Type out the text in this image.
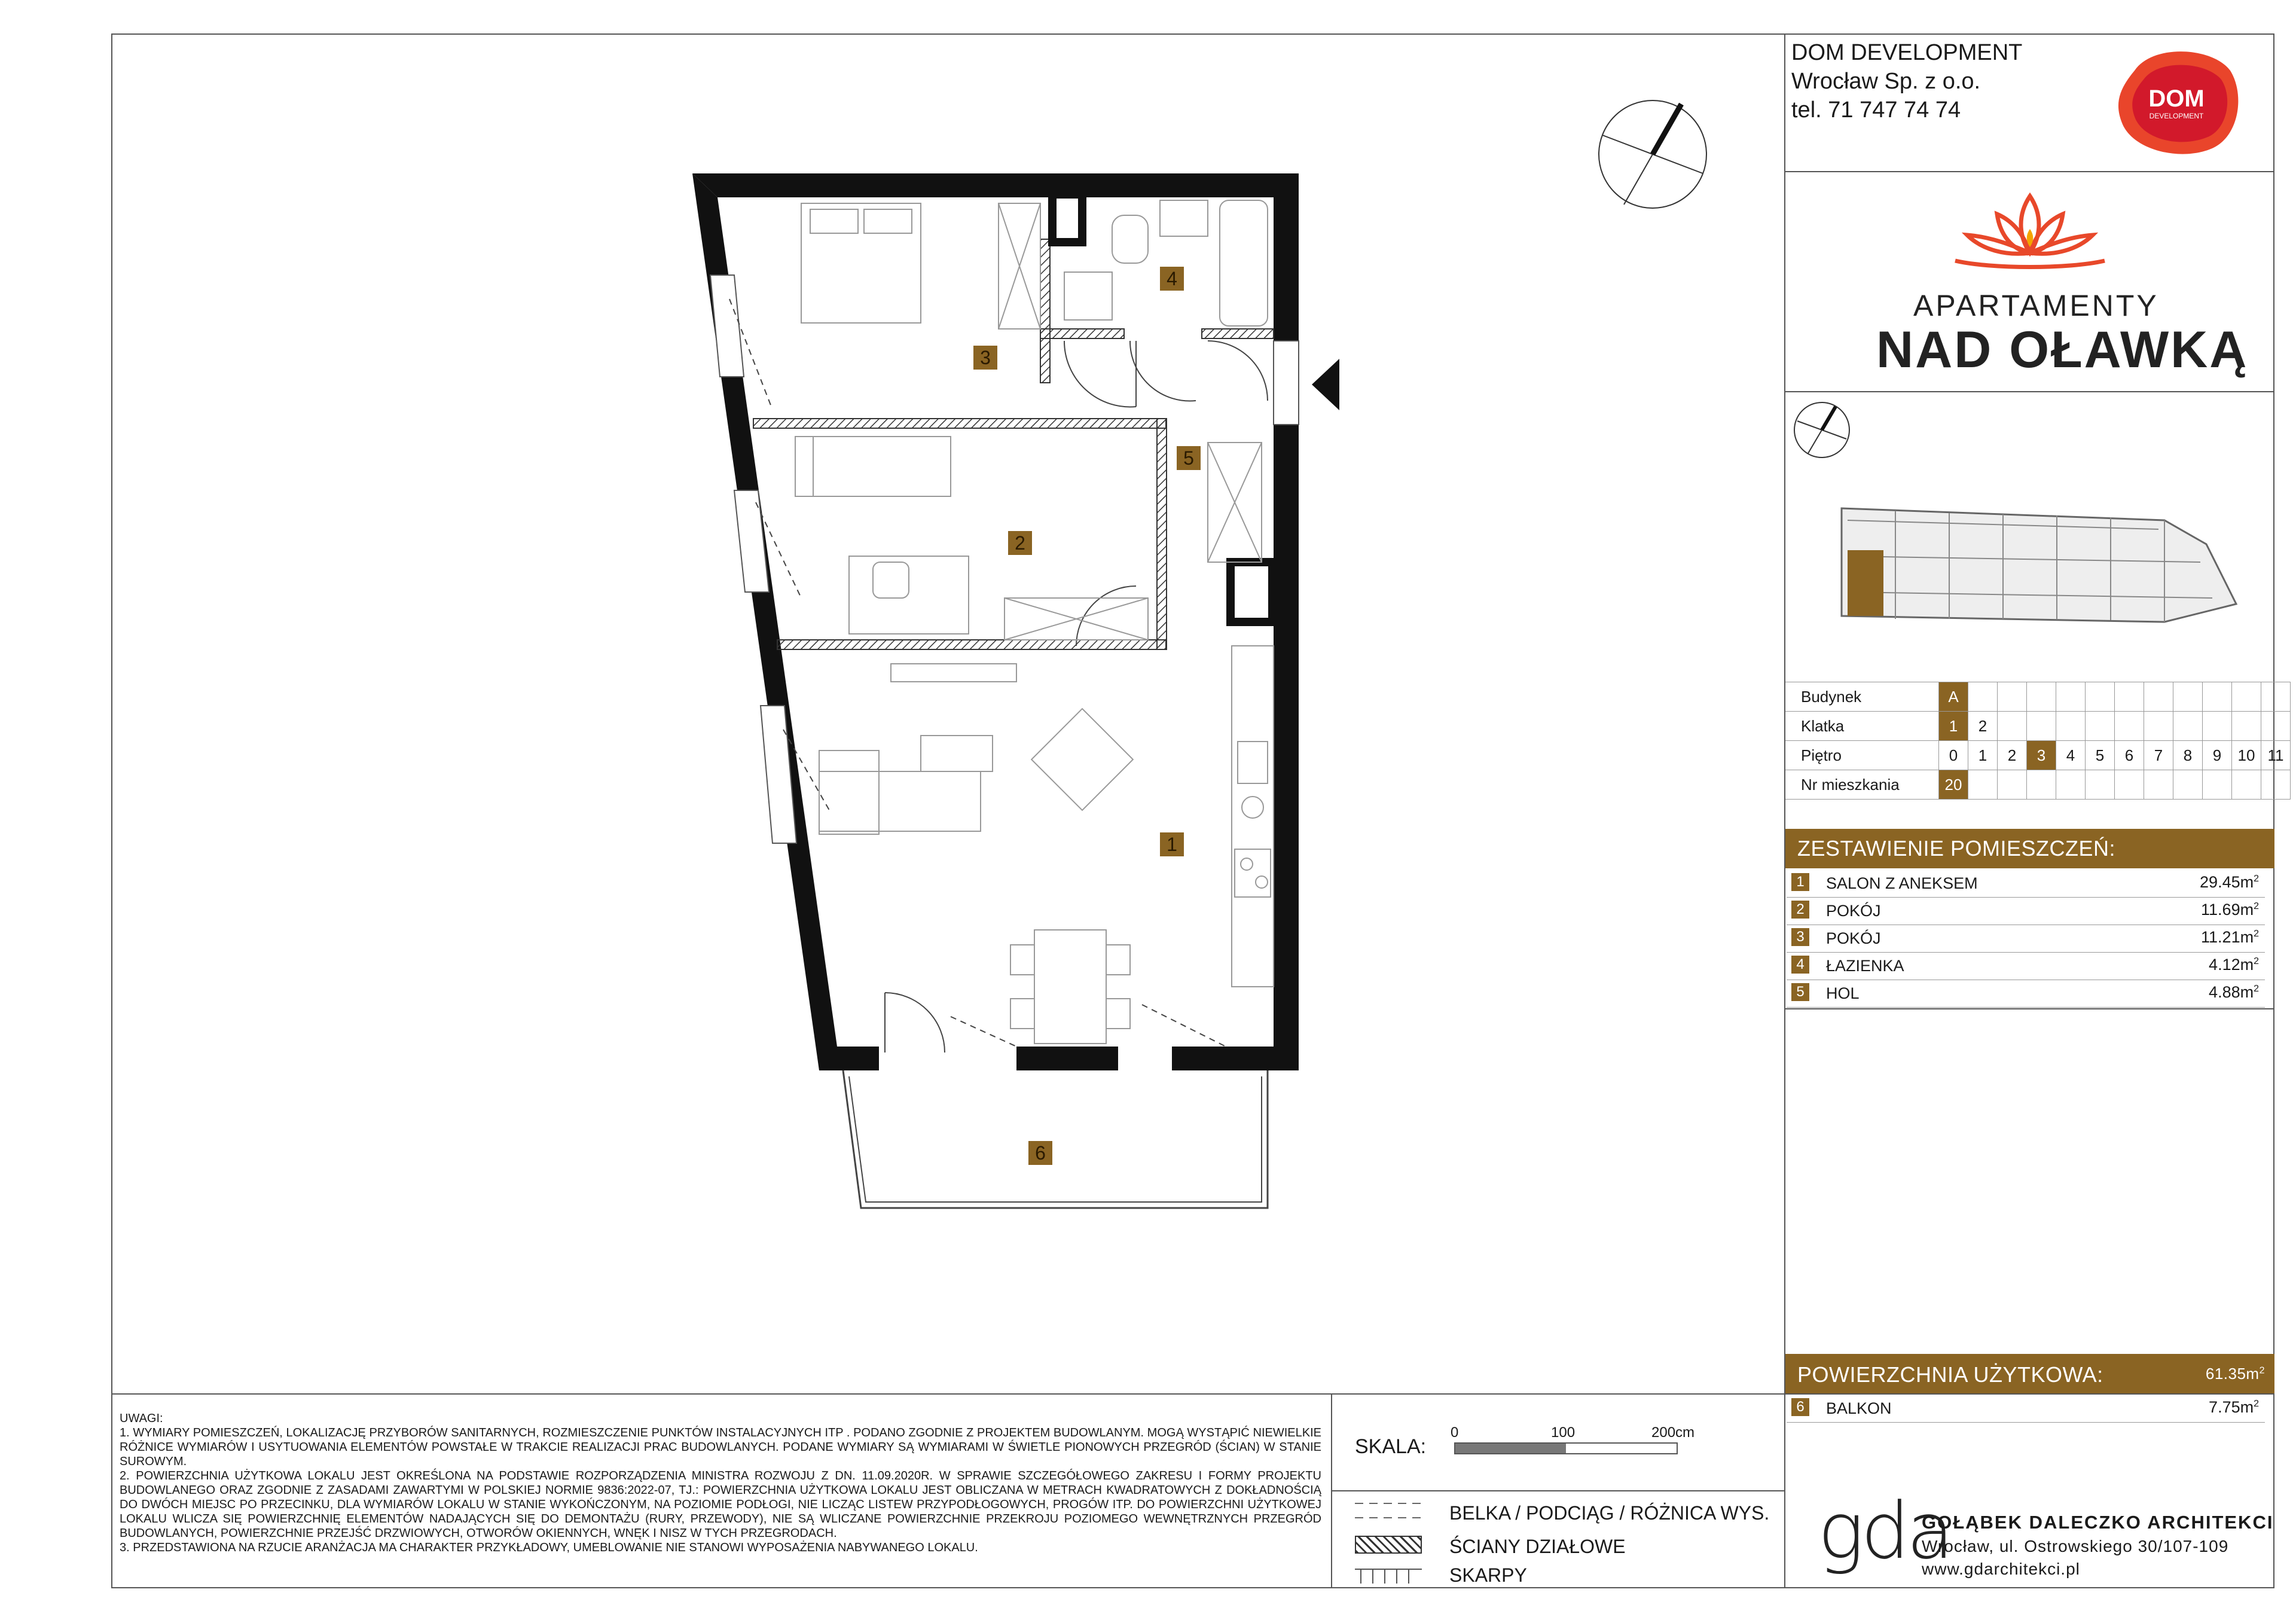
DOM DEVELOPMENT
Wrocław Sp. z o.o.
tel. 71 747 74 74	DOM
DEVELOPMENT
APARTAMENTY
NAD OŁAWKĄ
Budynek	A											
Klatka	1	2										
Piętro	0	1	2	3	4	5	6	7	8	9	10	11
Nr mieszkania	20											
ZESTAWIENIE POMIESZCZEŃ:
1	SALON Z ANEKSEM	$29.45m^2$
2	POKÓJ	$11.69m^2$
3	POKÓJ	$11.21m^2$
4	ŁAZIENKA	$4.12m^2$
5	HOL	$4.88m^2$
POWIERZCHNIA UŻYTKOWA:	$61.35m^2$
6	BALKON	$7.75m^2$
1
2
3
4
5
6

UWAGI:

1. WYMIARY POMIESZCZEŃ, LOKALIZACJĘ PRZYBORÓW SANITARNYCH, ROZMIESZCZENIE PUNKTÓW INSTALACYJNYCH ITP . PODANO ZGODNIE Z PROJEKTEM BUDOWLANYM. MOGĄ WYSTĄPIĆ NIEWIELKIE RÓŻNICE WYMIARÓW I USYTUOWANIA ELEMENTÓW POWSTAŁE W TRAKCIE REALIZACJI PRAC BUDOWLANYCH. PODANE WYMIARY SĄ WYMIARAMI W ŚWIETLE PIONOWYCH PRZEGRÓD (ŚCIAN) W STANIE SUROWYM.

2. POWIERZCHNIA UŻYTKOWA LOKALU JEST OKREŚLONA NA PODSTAWIE ROZPORZĄDZENIA MINISTRA ROZWOJU Z DN. 11.09.2020R. W SPRAWIE SZCZEGÓŁOWEGO ZAKRESU I FORMY PROJEKTU BUDOWLANEGO ORAZ ZGODNIE Z ZASADAMI ZAWARTYMI W POLSKIEJ NORMIE 9836:2022-07, TJ.: POWIERZCHNIA UŻYTKOWA LOKALU JEST OBLICZANA W METRACH KWADRATOWYCH Z DOKŁADNOŚCIĄ DO DWÓCH MIEJSC PO PRZECINKU, DLA WYMIARÓW LOKALU W STANIE WYKOŃCZONYM, NA POZIOMIE PODŁOGI, NIE LICZĄC LISTEW PRZYPODŁOGOWYCH, PROGÓW ITP. DO POWIERZCHNI UŻYTKOWEJ LOKALU WLICZA SIĘ POWIERZCHNIĘ ELEMENTÓW NADAJĄCYCH SIĘ DO DEMONTAŻU (RURY, PRZEWODY), NIE SĄ WLICZANE POWIERZCHNIE PRZEKROJU POZIOMEGO WEWNĘTRZNYCH PRZEGRÓD BUDOWLANYCH, POWIERZCHNIE PRZEJŚĆ DRZWIOWYCH, OTWORÓW OKIENNYCH, WNĘK I NISZ W TYCH PRZEGRODACH.

3. PRZEDSTAWIONA NA RZUCIE ARANŻACJA MA CHARAKTER PRZYKŁADOWY, UMEBLOWANIE NIE STANOWI WYPOSAŻENIA NABYWANEGO LOKALU.

SKALA:
0	100	200cm
BELKA / PODCIĄG / RÓŻNICA WYS.
ŚCIANY DZIAŁOWE
SKARPY	gda
GOŁĄBEK DALECZKO ARCHITEKCI
Wrocław, ul. Ostrowskiego 30/107-109
www.gdarchitekci.pl
